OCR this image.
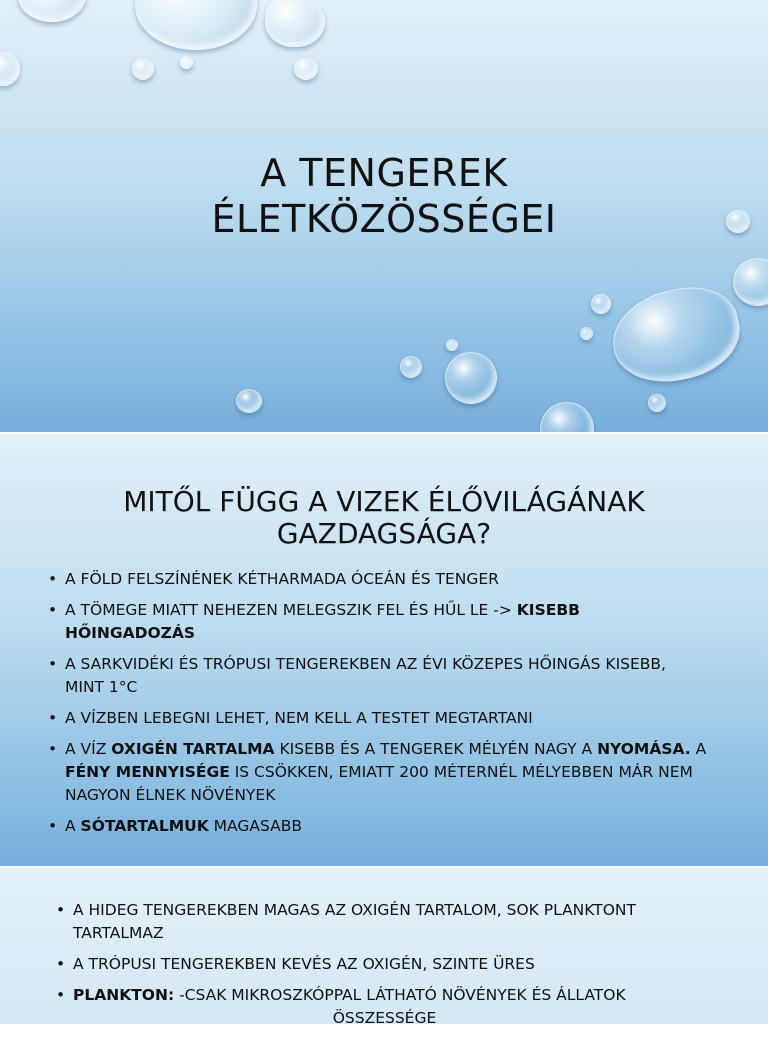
A TENGEREK
ÉLETKÖZÖSSÉGEI
MITŐL FÜGG A VIZEK ÉLŐVILÁGÁNAK
GAZDAGSÁGA?
• A FÖLD FELSZÍNÉNEK KÉTHARMADA ÓCEÁN ÉS TENGER
• A TÖMEGE MIATT NEHEZEN MELEGSZIK FEL ÉS HŰL LE -> KISEBB HŐINGADOZÁS
• A SARKVIDÉKI ÉS TRÓPUSI TENGEREKBEN AZ ÉVI KÖZEPES HŐINGÁS KISEBB, MINT 1°C
• A VÍZBEN LEBEGNI LEHET, NEM KELL A TESTET MEGTARTANI
• A VÍZ OXIGÉN TARTALMA KISEBB ÉS A TENGEREK MÉLYÉN NAGY A NYOMÁSA. A FÉNY MENNYISÉGE IS CSÖKKEN, EMIATT 200 MÉTERNÉL MÉLYEBBEN MÁR NEM NAGYON ÉLNEK NÖVÉNYEK
• A SÓTARTALMUK MAGASABB
• A HIDEG TENGEREKBEN MAGAS AZ OXIGÉN TARTALOM, SOK PLANKTONT TARTALMAZ
• A TRÓPUSI TENGEREKBEN KEVÉS AZ OXIGÉN, SZINTE ÜRES
• PLANKTON: -CSAK MIKROSZKÓPPAL LÁTHATÓ NÖVÉNYEK ÉS ÁLLATOK
ÖSSZESSÉGE
